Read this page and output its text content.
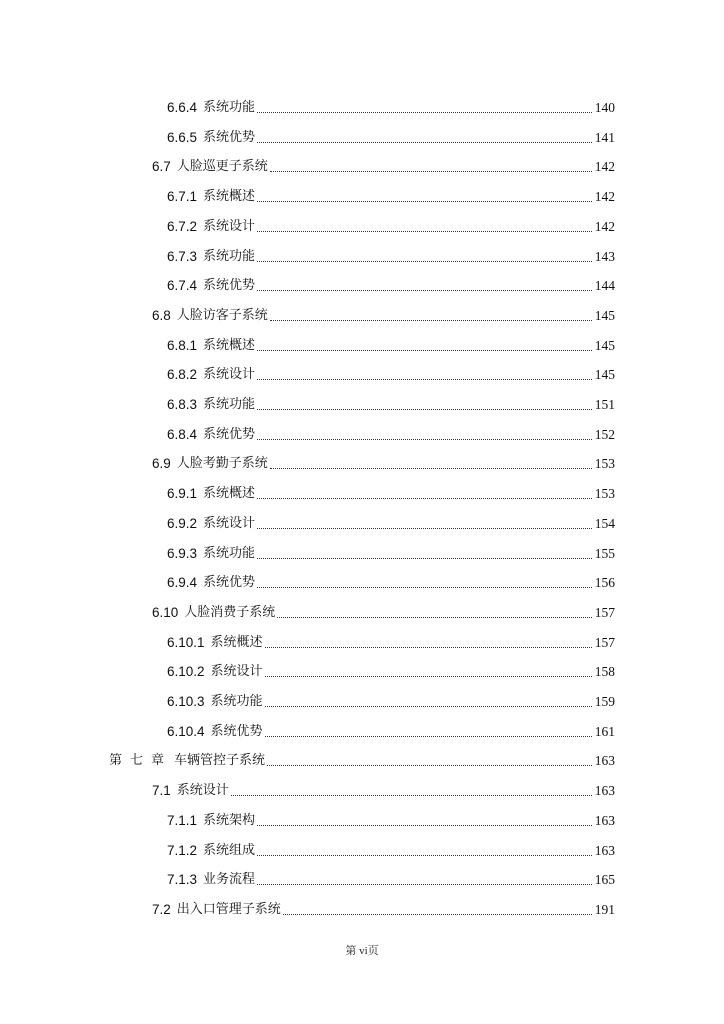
6.6.4 系统功能	140
6.6.5 系统优势	141
6.7 人脸巡更子系统	142
6.7.1 系统概述	142
6.7.2 系统设计	142
6.7.3 系统功能	143
6.7.4 系统优势	144
6.8 人脸访客子系统	145
6.8.1 系统概述	145
6.8.2 系统设计	145
6.8.3 系统功能	151
6.8.4 系统优势	152
6.9 人脸考勤子系统	153
6.9.1 系统概述	153
6.9.2 系统设计	154
6.9.3 系统功能	155
6.9.4 系统优势	156
6.10 人脸消费子系统	157
6.10.1 系统概述	157
6.10.2 系统设计	158
6.10.3 系统功能	159
6.10.4 系统优势	161
第七章 车辆管控子系统	163
7.1 系统设计	163
7.1.1 系统架构	163
7.1.2 系统组成	163
7.1.3 业务流程	165
7.2 出入口管理子系统	191
第 vi页
